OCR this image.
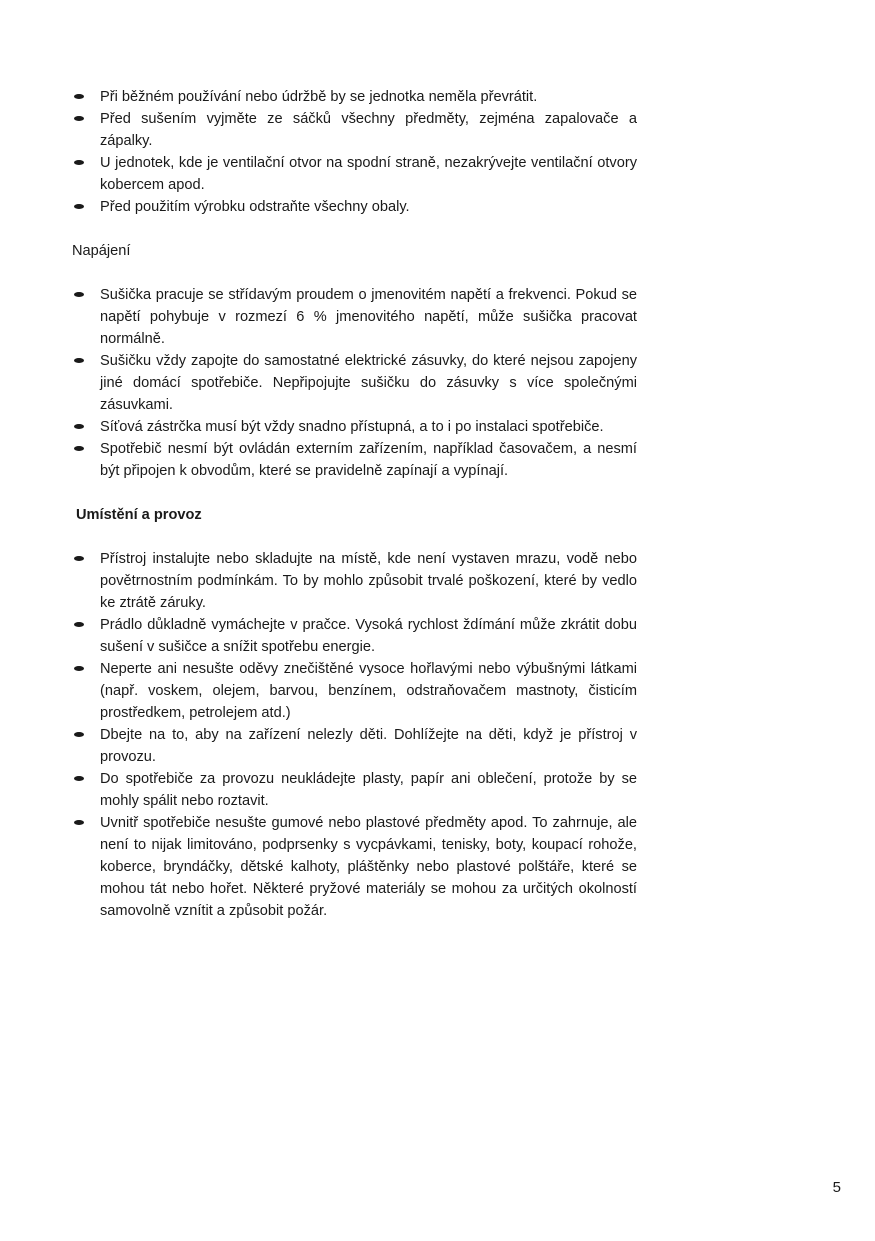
Při běžném používání nebo údržbě by se jednotka neměla převrátit.
Před sušením vyjměte ze sáčků všechny předměty, zejména zapalovače a zápalky.
U jednotek, kde je ventilační otvor na spodní straně, nezakrývejte ventilační otvory kobercem apod.
Před použitím výrobku odstraňte všechny obaly.

Napájení

Sušička pracuje se střídavým proudem o jmenovitém napětí a frekvenci. Pokud se napětí pohybuje v rozmezí 6 % jmenovitého napětí, může sušička pracovat normálně.
Sušičku vždy zapojte do samostatné elektrické zásuvky, do které nejsou zapojeny jiné domácí spotřebiče. Nepřipojujte sušičku do zásuvky s více společnými zásuvkami.
Síťová zástrčka musí být vždy snadno přístupná, a to i po instalaci spotřebiče.
Spotřebič nesmí být ovládán externím zařízením, například časovačem, a nesmí být připojen k obvodům, které se pravidelně zapínají a vypínají.

Umístění a provoz

Přístroj instalujte nebo skladujte na místě, kde není vystaven mrazu, vodě nebo povětrnostním podmínkám. To by mohlo způsobit trvalé poškození, které by vedlo ke ztrátě záruky.
Prádlo důkladně vymáchejte v pračce. Vysoká rychlost ždímání může zkrátit dobu sušení v sušičce a snížit spotřebu energie.
Neperte ani nesušte oděvy znečištěné vysoce hořlavými nebo výbušnými látkami (např. voskem, olejem, barvou, benzínem, odstraňovačem mastnoty, čisticím prostředkem, petrolejem atd.)
Dbejte na to, aby na zařízení nelezly děti. Dohlížejte na děti, když je přístroj v provozu.
Do spotřebiče za provozu neukládejte plasty, papír ani oblečení, protože by se mohly spálit nebo roztavit.
Uvnitř spotřebiče nesušte gumové nebo plastové předměty apod. To zahrnuje, ale není to nijak limitováno, podprsenky s vycpávkami, tenisky, boty, koupací rohože, koberce, bryndáčky, dětské kalhoty, pláštěnky nebo plastové polštáře, které se mohou tát nebo hořet. Některé pryžové materiály se mohou za určitých okolností samovolně vznítit a způsobit požár.
5
